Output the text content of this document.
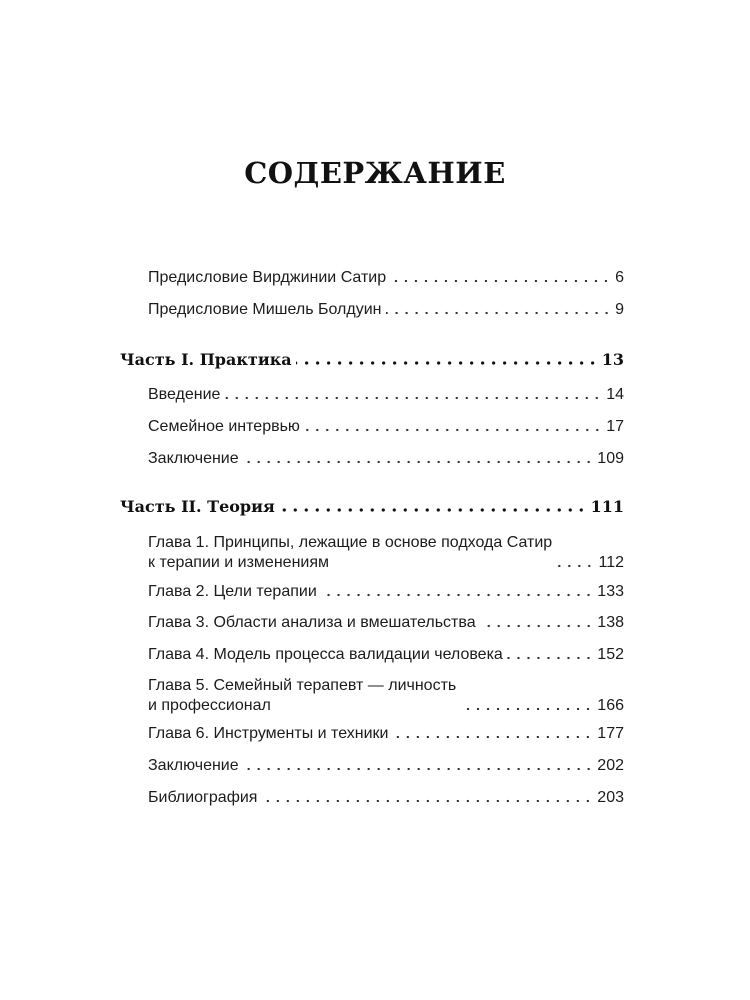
СОДЕРЖАНИЕ
Предисловие Вирджинии Сатир	6
Предисловие Мишель Болдуин	9
Часть I. Практика	13
Введение	14
Семейное интервью	17
Заключение	109
Часть II. Теория	111
Глава 1. Принципы, лежащие в основе подхода Сатир
к терапии и изменениям	112
Глава 2. Цели терапии	133
Глава 3. Области анализа и вмешательства	138
Глава 4. Модель процесса валидации человека	152
Глава 5. Семейный терапевт — личность
и профессионал	166
Глава 6. Инструменты и техники	177
Заключение	202
Библиография	203
